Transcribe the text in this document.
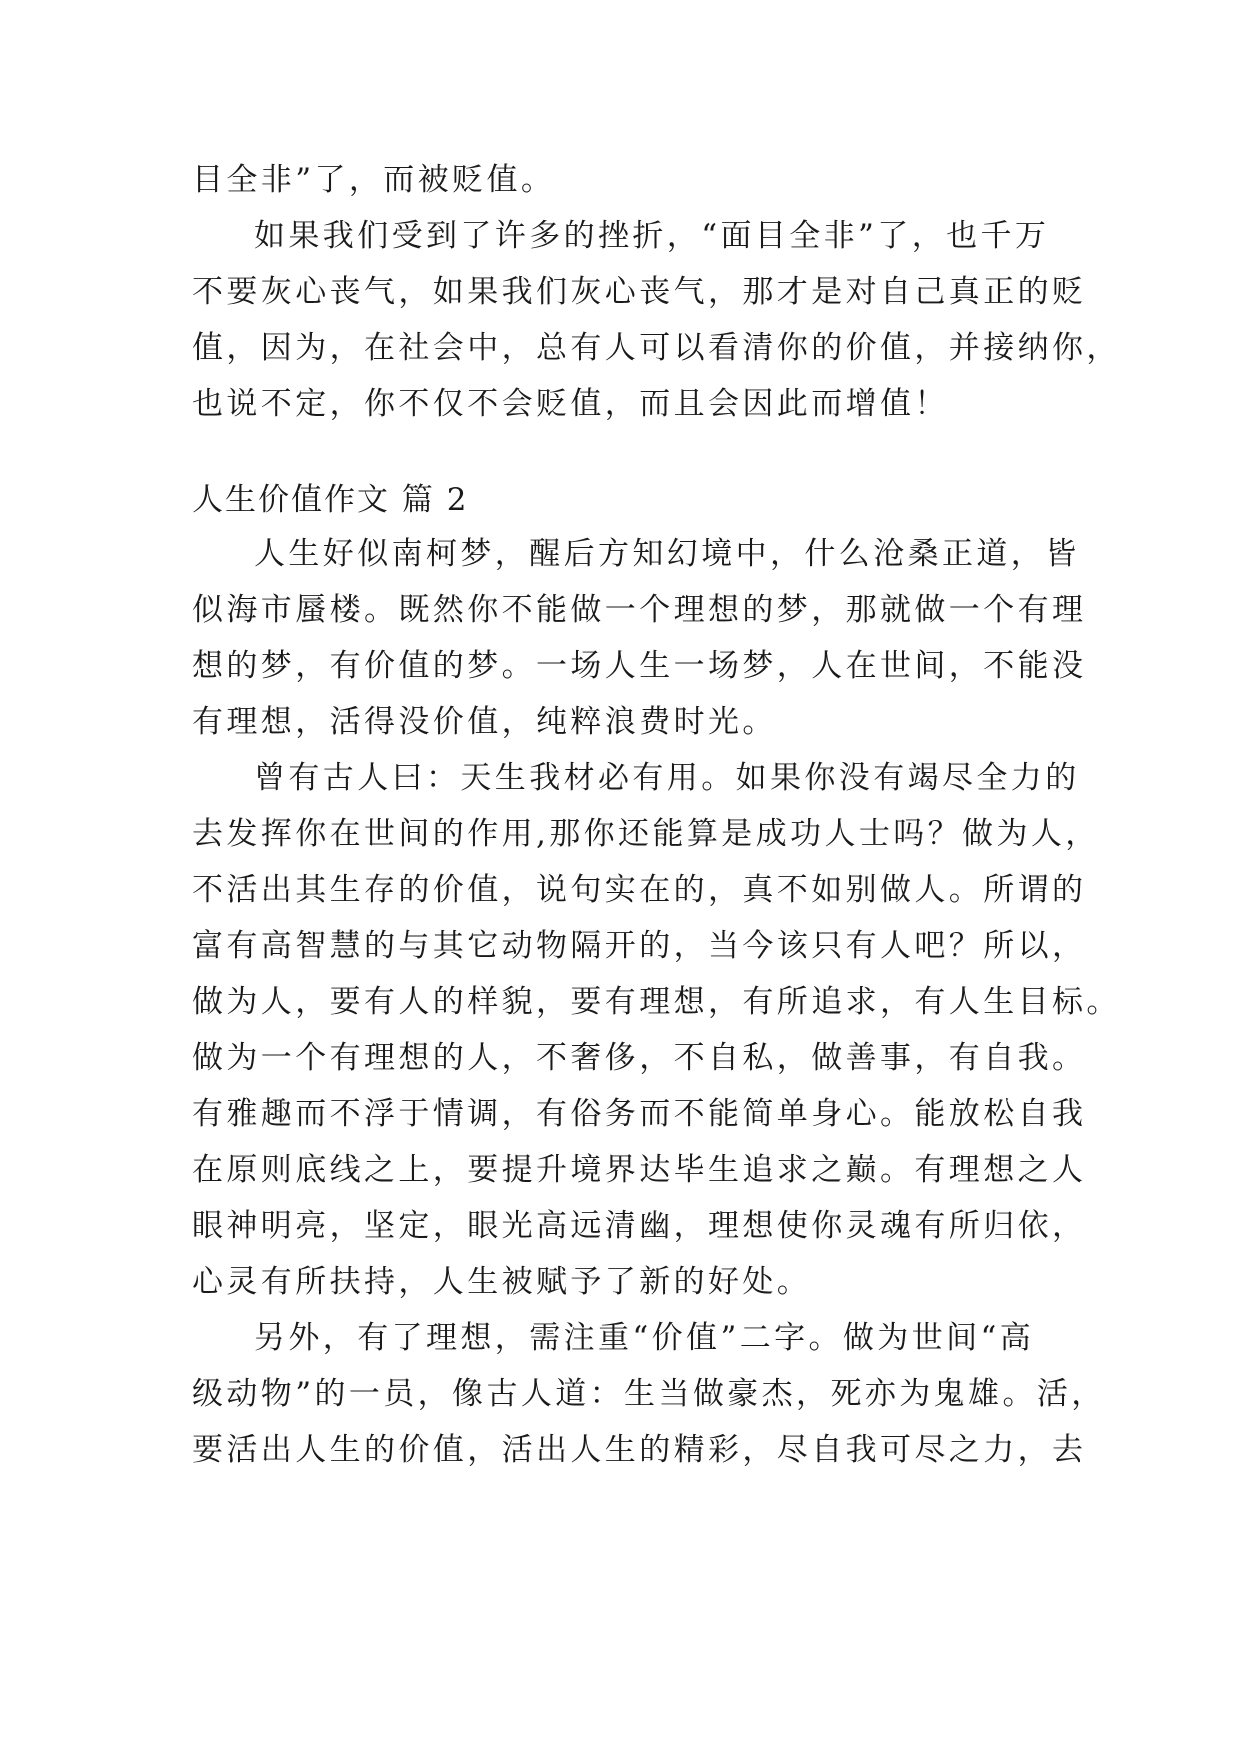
目全非”了，而被贬值。
如果我们受到了许多的挫折，“面目全非”了，也千万
不要灰心丧气，如果我们灰心丧气，那才是对自己真正的贬
值，因为，在社会中，总有人可以看清你的价值，并接纳你，
也说不定，你不仅不会贬值，而且会因此而增值！
人生价值作文 篇 2
人生好似南柯梦，醒后方知幻境中，什么沧桑正道，皆
似海市蜃楼。既然你不能做一个理想的梦，那就做一个有理
想的梦，有价值的梦。一场人生一场梦，人在世间，不能没
有理想，活得没价值，纯粹浪费时光。
曾有古人曰：天生我材必有用。如果你没有竭尽全力的
去发挥你在世间的作用,那你还能算是成功人士吗？做为人，
不活出其生存的价值，说句实在的，真不如别做人。所谓的
富有高智慧的与其它动物隔开的，当今该只有人吧？所以，
做为人，要有人的样貌，要有理想，有所追求，有人生目标。
做为一个有理想的人，不奢侈，不自私，做善事，有自我。
有雅趣而不浮于情调，有俗务而不能简单身心。能放松自我
在原则底线之上，要提升境界达毕生追求之巅。有理想之人
眼神明亮，坚定，眼光高远清幽，理想使你灵魂有所归依，
心灵有所扶持，人生被赋予了新的好处。
另外，有了理想，需注重“价值”二字。做为世间“高
级动物”的一员，像古人道：生当做豪杰，死亦为鬼雄。活，
要活出人生的价值，活出人生的精彩，尽自我可尽之力，去
